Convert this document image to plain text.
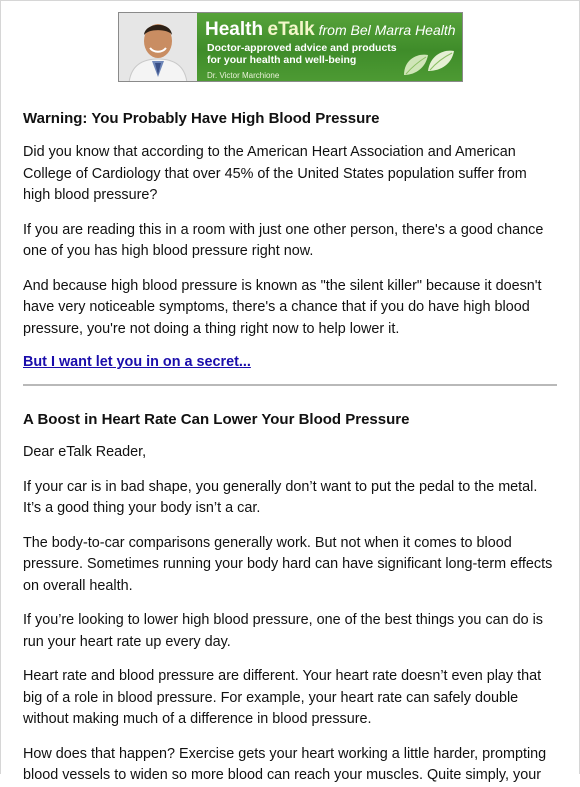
Health eTalk from Bel Marra Health
Doctor-approved advice and products for your health and well-being
Dr. Victor Marchione
Warning: You Probably Have High Blood Pressure

Did you know that according to the American Heart Association and American College of Cardiology that over 45% of the United States population suffer from high blood pressure?

If you are reading this in a room with just one other person, there's a good chance one of you has high blood pressure right now.

And because high blood pressure is known as "the silent killer" because it doesn't have very noticeable symptoms, there's a chance that if you do have high blood pressure, you're not doing a thing right now to help lower it.

But I want let you in on a secret...
A Boost in Heart Rate Can Lower Your Blood Pressure

Dear eTalk Reader,

If your car is in bad shape, you generally don’t want to put the pedal to the metal. It’s a good thing your body isn’t a car.

The body-to-car comparisons generally work. But not when it comes to blood pressure. Sometimes running your body hard can have significant long-term effects on overall health.

If you’re looking to lower high blood pressure, one of the best things you can do is run your heart rate up every day.

Heart rate and blood pressure are different. Your heart rate doesn’t even play that big of a role in blood pressure. For example, your heart rate can safely double without making much of a difference in blood pressure.

How does that happen? Exercise gets your heart working a little harder, prompting blood vessels to widen so more blood can reach your muscles. Quite simply, your
